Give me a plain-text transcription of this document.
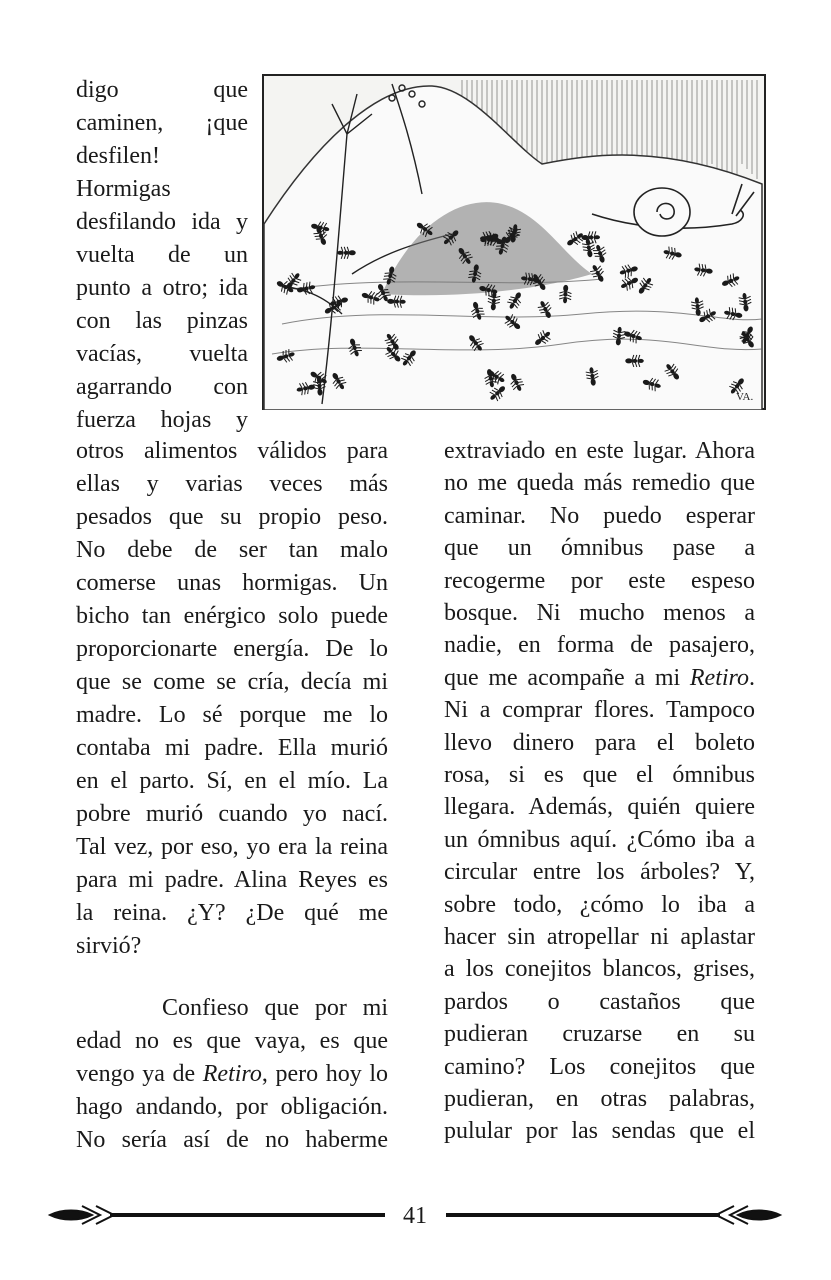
VA.

digo que

caminen, ¡que

desfilen!

Hormigas

desfilando ida y

vuelta de un

punto a otro; ida

con las pinzas

vacías, vuelta

agarrando con

fuerza hojas y

otros alimentos válidos para

ellas y varias veces más

pesados que su propio peso.

No debe de ser tan malo

comerse unas hormigas. Un

bicho tan enérgico solo puede

proporcionarte energía. De lo

que se come se cría, decía mi

madre. Lo sé porque me lo

contaba mi padre. Ella murió

en el parto. Sí, en el mío. La

pobre murió cuando yo nací.

Tal vez, por eso, yo era la reina

para mi padre. Alina Reyes es

la reina. ¿Y? ¿De qué me

sirvió?

Confieso que por mi

edad no es que vaya, es que

vengo ya de Retiro, pero hoy lo

hago andando, por obligación.

No sería así de no haberme

extraviado en este lugar. Ahora

no me queda más remedio que

caminar. No puedo esperar

que un ómnibus pase a

recogerme por este espeso

bosque. Ni mucho menos a

nadie, en forma de pasajero,

que me acompañe a mi Retiro.

Ni a comprar flores. Tampoco

llevo dinero para el boleto

rosa, si es que el ómnibus

llegara. Además, quién quiere

un ómnibus aquí. ¿Cómo iba a

circular entre los árboles? Y,

sobre todo, ¿cómo lo iba a

hacer sin atropellar ni aplastar

a los conejitos blancos, grises,

pardos o castaños que

pudieran cruzarse en su

camino? Los conejitos que

pudieran, en otras palabras,

pulular por las sendas que el

41
